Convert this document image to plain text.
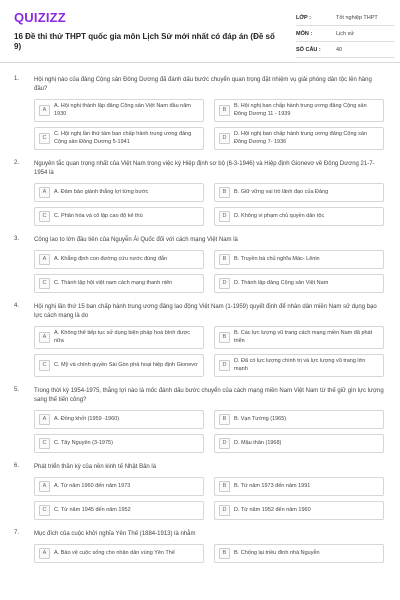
QUIZIZZ
16 Đề thi thử THPT quốc gia môn Lịch Sử mới nhất có đáp án (Đề số 9)
LỚP :	Tốt nghiệp THPT
MÔN :	Lịch sử
SỐ CÂU :	40
1. Hội nghị nào của đảng Cộng sản Đông Dương đã đánh dấu bước chuyển quan trọng đặt nhiệm vụ giải phóng dân tộc lên hàng đầu?
A
A. Hội nghị thành lập đảng Cộng sản Việt Nam đầu năm 1930
B
B. Hội nghị ban chấp hành trung ương đảng Cộng sản Đông Dương 11 - 1939
C
C. Hội nghị lần thứ tám ban chấp hành trung ương đảng Cộng sản Đông Dương 5-1941
D
D. Hội nghị ban chấp hành trung ương đảng Cộng sản Đông Dương 7- 1936
2. Nguyên tắc quan trọng nhất của Việt Nam trong việc ký Hiệp định sơ bộ (6-3-1946) và Hiệp định Gionevơ về Đông Dương 21-7-1954 là
A	A. Đảm bảo giành thắng lợi từng bước	B	B. Giữ vững vai trò lãnh đạo của Đảng
C	C. Phân hóa và cô lập cao độ kẻ thù	D	D. Không vi phạm chủ quyền dân tộc
3. Công lao to lớn đầu tiên của Nguyễn Ái Quốc đối với cách mạng Việt Nam là
A	A. Khẳng định con đường cứu nước đúng đắn	B	B. Truyền bá chủ nghĩa Mác- Lênin
C	C. Thành lập hội việt nam cách mạng thanh niên	D	D. Thành lập đảng Cộng sản Việt Nam
4. Hội nghị lần thứ 15 ban chấp hành trung ương đảng lao động Việt Nam (1-1959) quyết định để nhân dân miền Nam sử dụng bạo lực cách mạng là do
A
A. Không thể tiếp tục sử dụng biện pháp hoà bình được nữa
B
B. Các lực lượng vũ trang cách mạng miền Nam đã phát triển
C	C. Mỹ và chính quyền Sài Gòn phá hoại hiệp định Gionevơ	D
D. Đã có lực lượng chính trị và lực lượng vũ trang lớn mạnh
5. Trong thời kỳ 1954-1975, thắng lợi nào là mốc đánh dấu bước chuyển của cách mạng miền Nam Việt Nam từ thế giữ gìn lực lượng sang thế tiến công?
A	A. Đồng khởi (1959 -1960)	B	B. Vạn Tường (1965)
C	C. Tây Nguyên (3-1975)	D	D. Mậu thân (1968)
6. Phát triển thần kỳ của nền kinh tế Nhật Bản là
A	A. Từ năm 1960 đến năm 1973	B	B. Từ năm 1973 đến năm 1991
C	C. Từ năm 1945 đến năm 1952	D	D. Từ năm 1952 đến năm 1960
7. Mục đích của cuộc khởi nghĩa Yên Thế (1884-1913) là nhằm
A	A. Bảo vệ cuộc sống cho nhân dân vùng Yên Thế	B	B. Chống lại triều đình nhà Nguyễn
